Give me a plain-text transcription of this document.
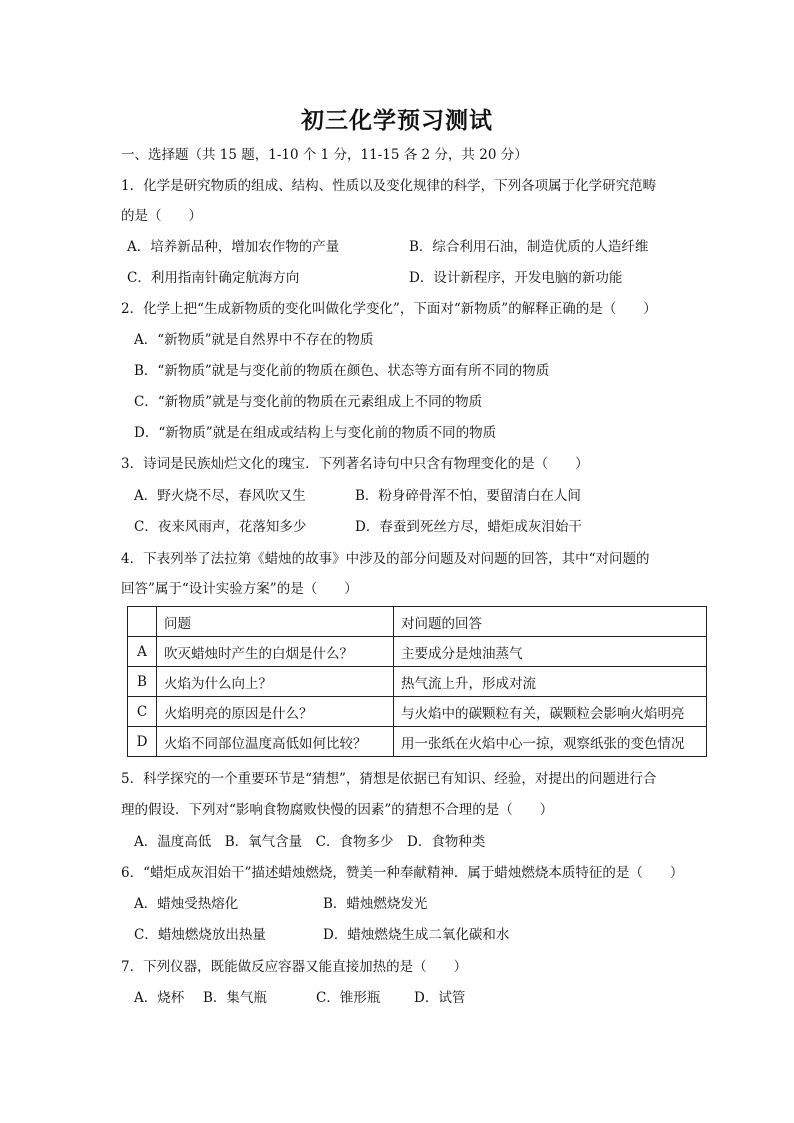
初三化学预习测试
一、选择题（共 15 题，1-10 个 1 分，11-15 各 2 分，共 20 分）
1．化学是研究物质的组成、结构、性质以及变化规律的科学，下列各项属于化学研究范畴
的是（　　）
A．培养新品种，增加农作物的产量	B．综合利用石油，制造优质的人造纤维
C．利用指南针确定航海方向	D．设计新程序，开发电脑的新功能
2．化学上把“生成新物质的变化叫做化学变化”，下面对“新物质”的解释正确的是（　　）
A．“新物质”就是自然界中不存在的物质
B．“新物质”就是与变化前的物质在颜色、状态等方面有所不同的物质
C．“新物质”就是与变化前的物质在元素组成上不同的物质
D．“新物质”就是在组成或结构上与变化前的物质不同的物质
3．诗词是民族灿烂文化的瑰宝．下列著名诗句中只含有物理变化的是（　　）
A．野火烧不尽，春风吹又生	B．粉身碎骨浑不怕，要留清白在人间
C．夜来风雨声，花落知多少	D．春蚕到死丝方尽，蜡炬成灰泪始干
4．下表列举了法拉第《蜡烛的故事》中涉及的部分问题及对问题的回答，其中“对问题的
回答”属于“设计实验方案”的是（　　）
	问题	对问题的回答
A	吹灭蜡烛时产生的白烟是什么？	主要成分是烛油蒸气
B	火焰为什么向上？	热气流上升，形成对流
C	火焰明亮的原因是什么？	与火焰中的碳颗粒有关，碳颗粒会影响火焰明亮
D	火焰不同部位温度高低如何比较？	用一张纸在火焰中心一掠，观察纸张的变色情况
5．科学探究的一个重要环节是“猜想”，猜想是依据已有知识、经验，对提出的问题进行合
理的假设．下列对“影响食物腐败快慢的因素”的猜想不合理的是（　　）
A．温度高低　B．氧气含量　C．食物多少　D．食物种类
6．“蜡炬成灰泪始干”描述蜡烛燃烧，赞美一种奉献精神．属于蜡烛燃烧本质特征的是（　　）
A．蜡烛受热熔化	B．蜡烛燃烧发光
C．蜡烛燃烧放出热量	D．蜡烛燃烧生成二氧化碳和水
7．下列仪器，既能做反应容器又能直接加热的是（　　）
A．烧杯 B．集气瓶	C．锥形瓶 D．试管
